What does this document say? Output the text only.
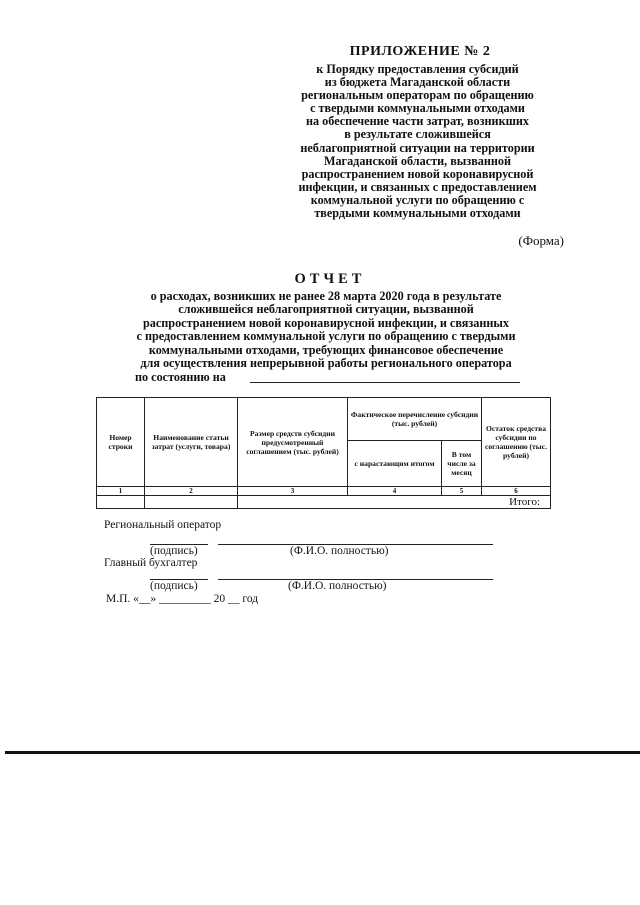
ПРИЛОЖЕНИЕ № 2
к Порядку предоставления субсидий
из бюджета Магаданской области
региональным операторам по обращению
с твердыми коммунальными отходами
на обеспечение части затрат, возникших
в результате сложившейся
неблагоприятной ситуации на территории
Магаданской области, вызванной
распространением новой коронавирусной
инфекции, и связанных с предоставлением
коммунальной услуги по обращению с
твердыми коммунальными отходами
(Форма)
ОТЧЕТ
о расходах, возникших не ранее 28 марта 2020 года в результате
сложившейся неблагоприятной ситуации, вызванной
распространением новой коронавирусной инфекции, и связанных
с предоставлением коммунальной услуги по обращению с твердыми
коммунальными отходами, требующих финансовое обеспечение
для осуществления непрерывной работы регионального оператора
по состоянию на
Номер строки	Наименование статьи затрат (услуги, товара)	Размер средств субсидии предусмотренный соглашением (тыс. рублей)	Фактическое перечисление субсидии (тыс. рублей)		Остаток средства субсидии по соглашению (тыс. рублей)
			с нарастающим итогом	В том числе за месяц	
1	2	3	4	5	6
		Итого:			
Региональный оператор
(подпись)	(Ф.И.О. полностью)
Главный бухгалтер
(подпись)	(Ф.И.О. полностью)
М.П. «__» _________ 20 __ год
